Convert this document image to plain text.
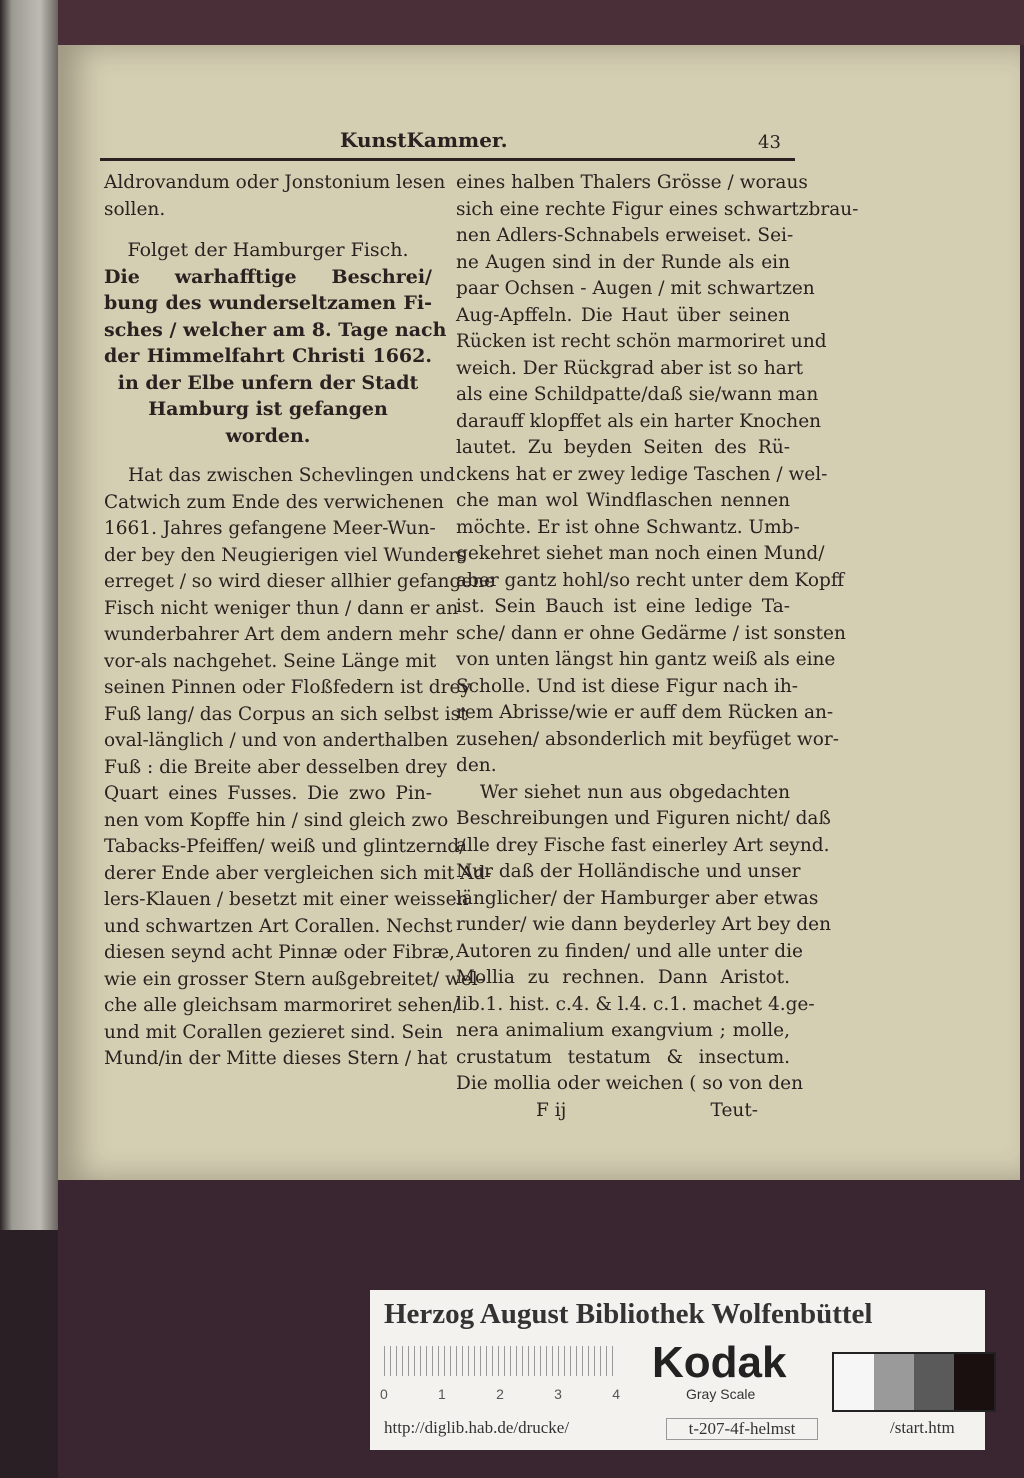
KunstKammer.	43
Aldrovandum oder Jonstonium lesen
sollen.
Folget der Hamburger Fisch.
Die warhafftige Beschrei/
bung des wunderseltzamen Fi-
sches / welcher am 8. Tage nach
der Himmelfahrt Christi 1662.
in der Elbe unfern der Stadt
Hamburg ist gefangen
worden.
Hat das zwischen Schevlingen und
Catwich zum Ende des verwichenen
1661. Jahres gefangene Meer-Wun-
der bey den Neugierigen viel Wunders
erreget / so wird dieser allhier gefangene
Fisch nicht weniger thun / dann er an
wunderbahrer Art dem andern mehr
vor-als nachgehet. Seine Länge mit
seinen Pinnen oder Floßfedern ist drey
Fuß lang/ das Corpus an sich selbst ist
oval-länglich / und von anderthalben
Fuß : die Breite aber desselben drey
Quart eines Fusses. Die zwo Pin-
nen vom Kopffe hin / sind gleich zwo
Tabacks-Pfeiffen/ weiß und glintzernd/
derer Ende aber vergleichen sich mit Ad-
lers-Klauen / besetzt mit einer weissen
und schwartzen Art Corallen. Nechst
diesen seynd acht Pinnæ oder Fibræ,
wie ein grosser Stern außgebreitet/ wel-
che alle gleichsam marmoriret sehen/
und mit Corallen gezieret sind. Sein
Mund/in der Mitte dieses Stern / hat
eines halben Thalers Grösse / woraus
sich eine rechte Figur eines schwartzbrau-
nen Adlers-Schnabels erweiset. Sei-
ne Augen sind in der Runde als ein
paar Ochsen - Augen / mit schwartzen
Aug-Apffeln. Die Haut über seinen
Rücken ist recht schön marmoriret und
weich. Der Rückgrad aber ist so hart
als eine Schildpatte/daß sie/wann man
darauff klopffet als ein harter Knochen
lautet. Zu beyden Seiten des Rü-
ckens hat er zwey ledige Taschen / wel-
che man wol Windflaschen nennen
möchte. Er ist ohne Schwantz. Umb-
gekehret siehet man noch einen Mund/
aber gantz hohl/so recht unter dem Kopff
ist. Sein Bauch ist eine ledige Ta-
sche/ dann er ohne Gedärme / ist sonsten
von unten längst hin gantz weiß als eine
Scholle. Und ist diese Figur nach ih-
rem Abrisse/wie er auff dem Rücken an-
zusehen/ absonderlich mit beyfüget wor-
den.
Wer siehet nun aus obgedachten
Beschreibungen und Figuren nicht/ daß
alle drey Fische fast einerley Art seynd.
Nur daß der Holländische und unser
länglicher/ der Hamburger aber etwas
runder/ wie dann beyderley Art bey den
Autoren zu finden/ und alle unter die
Mollia zu rechnen. Dann Aristot.
lib.1. hist. c.4. & l.4. c.1. machet 4.ge-
nera animalium exangvium ; molle,
crustatum testatum & insectum.
Die mollia oder weichen ( so von den
F ij	Teut-
Herzog August Bibliothek Wolfenbüttel
0	1	2	3	4
Kodak
Gray Scale
http://diglib.hab.de/drucke/	t-207-4f-helmst	/start.htm
